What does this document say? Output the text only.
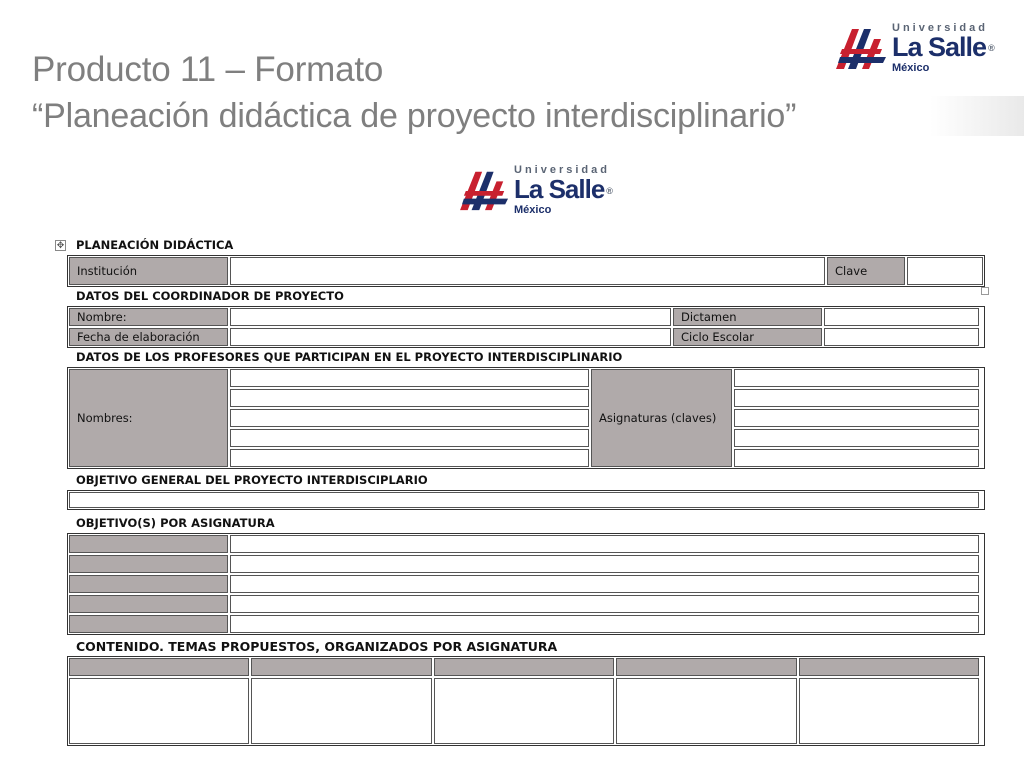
Producto 11 – Formato
“Planeación didáctica de proyecto interdisciplinario”
Universidad
La Salle ®
México
Universidad
La Salle ®
México
✥	PLANEACIÓN DIDÁCTICA
Institución	Clave
DATOS DEL COORDINADOR DE PROYECTO
Nombre:	Dictamen
Fecha de elaboración	Ciclo Escolar
DATOS DE LOS PROFESORES QUE PARTICIPAN EN EL PROYECTO INTERDISCIPLINARIO
Nombres:	Asignaturas (claves)
OBJETIVO GENERAL DEL PROYECTO INTERDISCIPLARIO
OBJETIVO(S) POR ASIGNATURA
CONTENIDO. TEMAS PROPUESTOS, ORGANIZADOS POR ASIGNATURA
